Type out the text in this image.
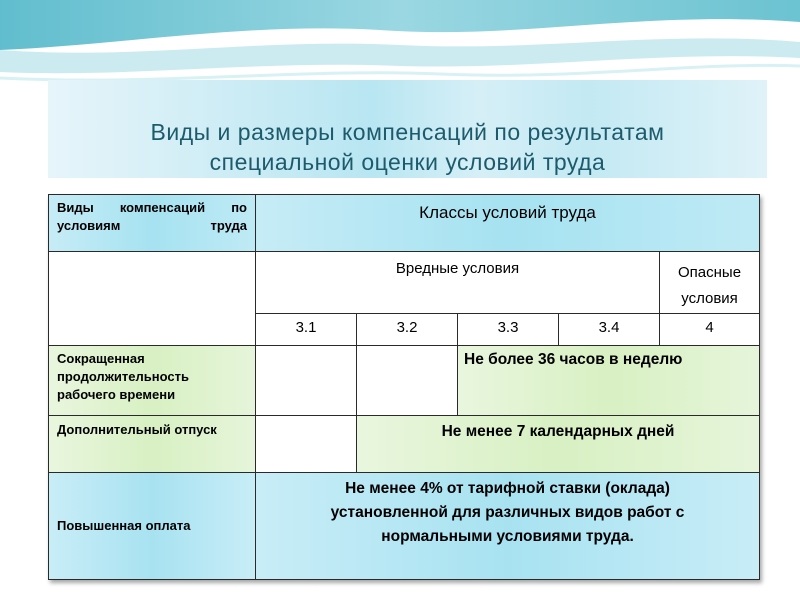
Виды и размеры компенсаций по результатам
специальной оценки условий труда
Виды компенсаций по условиям труда	Классы условий труда				

	Вредные условия				Опасные условия

	3.1	3.2	3.3	3.4	4

Сокращенная продолжительность рабочего времени			Не более 36 часов в неделю		

Дополнительный отпуск		Не менее 7 календарных дней			

Повышенная оплата	Не менее 4% от тарифной ставки (оклада) установленной для различных видов работ с нормальными условиями труда.				
